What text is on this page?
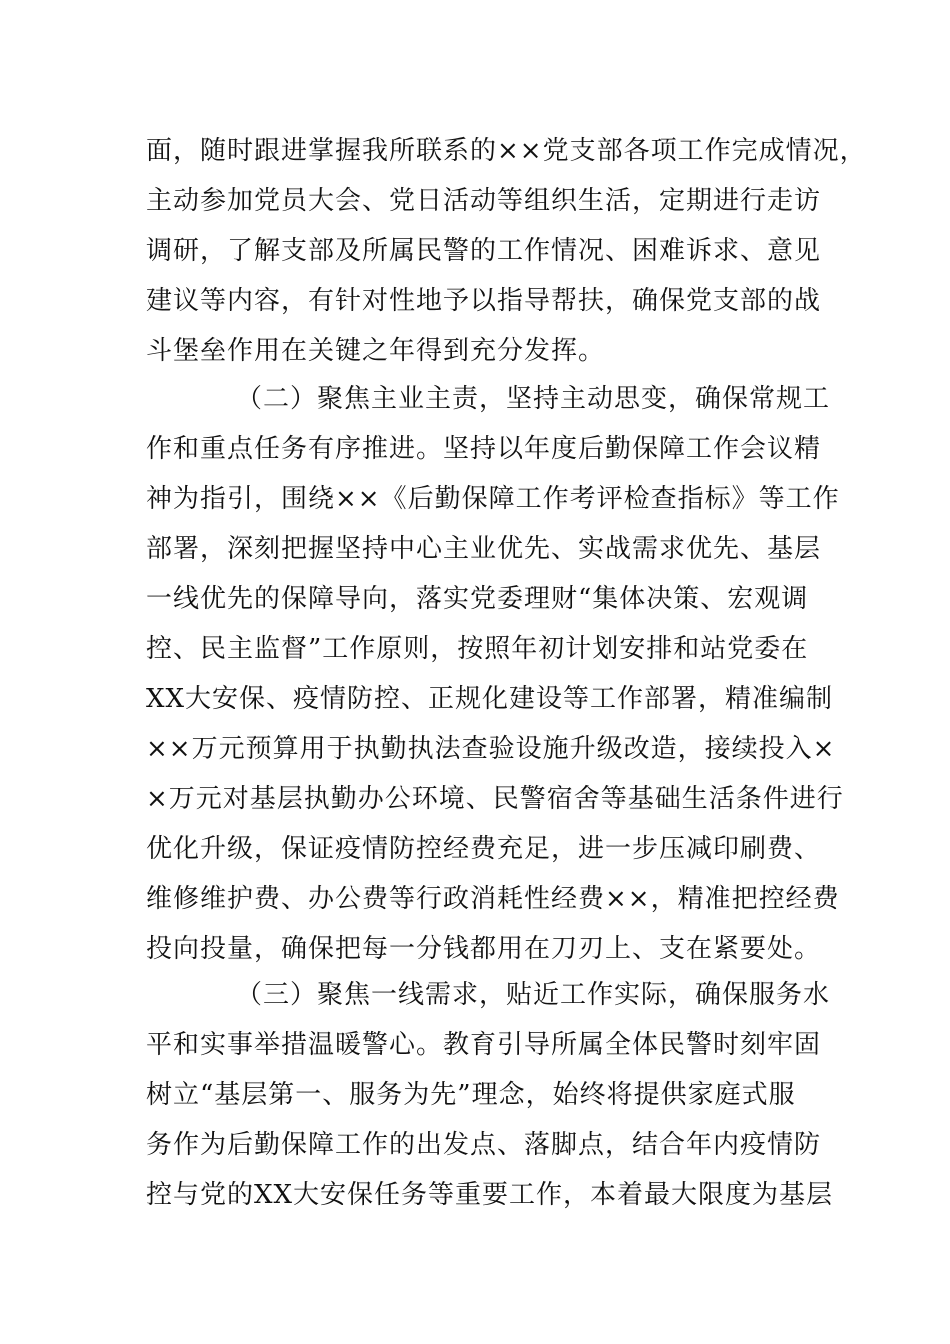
面，随时跟进掌握我所联系的××党支部各项工作完成情况，
主动参加党员大会、党日活动等组织生活，定期进行走访
调研，了解支部及所属民警的工作情况、困难诉求、意见
建议等内容，有针对性地予以指导帮扶，确保党支部的战
斗堡垒作用在关键之年得到充分发挥。
（二）聚焦主业主责，坚持主动思变，确保常规工
作和重点任务有序推进。坚持以年度后勤保障工作会议精
神为指引，围绕××《后勤保障工作考评检查指标》等工作
部署，深刻把握坚持中心主业优先、实战需求优先、基层
一线优先的保障导向，落实党委理财“集体决策、宏观调
控、民主监督”工作原则，按照年初计划安排和站党委在
XX大安保、疫情防控、正规化建设等工作部署，精准编制
××万元预算用于执勤执法查验设施升级改造，接续投入×
×万元对基层执勤办公环境、民警宿舍等基础生活条件进行
优化升级，保证疫情防控经费充足，进一步压减印刷费、
维修维护费、办公费等行政消耗性经费××，精准把控经费
投向投量，确保把每一分钱都用在刀刃上、支在紧要处。
（三）聚焦一线需求，贴近工作实际，确保服务水
平和实事举措温暖警心。教育引导所属全体民警时刻牢固
树立“基层第一、服务为先”理念，始终将提供家庭式服
务作为后勤保障工作的出发点、落脚点，结合年内疫情防
控与党的XX大安保任务等重要工作，本着最大限度为基层
